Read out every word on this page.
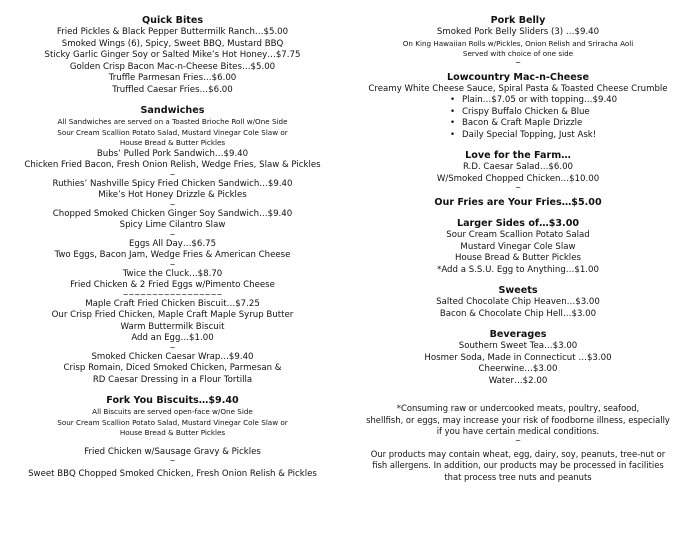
Quick Bites
Fried Pickles & Black Pepper Buttermilk Ranch…$5.00
Smoked Wings (6), Spicy, Sweet BBQ, Mustard BBQ
Sticky Garlic Ginger Soy or Salted Mike’s Hot Honey…$7.75
Golden Crisp Bacon Mac-n-Cheese Bites…$5.00
Truffle Parmesan Fries…$6.00
Truffled Caesar Fries…$6.00
Sandwiches
All Sandwiches are served on a Toasted Brioche Roll w/One Side
Sour Cream Scallion Potato Salad, Mustard Vinegar Cole Slaw or
House Bread & Butter Pickles
Bubs’ Pulled Pork Sandwich…$9.40
Chicken Fried Bacon, Fresh Onion Relish, Wedge Fries, Slaw & Pickles
~
Ruthies’ Nashville Spicy Fried Chicken Sandwich…$9.40
Mike’s Hot Honey Drizzle & Pickles
~
Chopped Smoked Chicken Ginger Soy Sandwich…$9.40
Spicy Lime Cilantro Slaw
~
Eggs All Day…$6.75
Two Eggs, Bacon Jam, Wedge Fries & American Cheese
~
Twice the Cluck…$8.70
Fried Chicken & 2 Fried Eggs w/Pimento Cheese
~~~~~~~~~~~~~~~~~
Maple Craft Fried Chicken Biscuit…$7.25
Our Crisp Fried Chicken, Maple Craft Maple Syrup Butter
Warm Buttermilk Biscuit
Add an Egg…$1.00
~
Smoked Chicken Caesar Wrap…$9.40
Crisp Romain, Diced Smoked Chicken, Parmesan &
RD Caesar Dressing in a Flour Tortilla
Fork You Biscuits…$9.40
All Biscuits are served open-face w/One Side
Sour Cream Scallion Potato Salad, Mustard Vinegar Cole Slaw or
House Bread & Butter Pickles
Fried Chicken w/Sausage Gravy & Pickles
~
Sweet BBQ Chopped Smoked Chicken, Fresh Onion Relish & Pickles
Pork Belly
Smoked Pork Belly Sliders (3) …$9.40
On King Hawaiian Rolls w/Pickles, Onion Relish and Sriracha Aoli
Served with choice of one side
~
Lowcountry Mac-n-Cheese
Creamy White Cheese Sauce, Spiral Pasta & Toasted Cheese Crumble
• Plain…$7.05 or with topping…$9.40
• Crispy Buffalo Chicken & Blue
• Bacon & Craft Maple Drizzle
• Daily Special Topping, Just Ask!
Love for the Farm…
R.D. Caesar Salad…$6.00
W/Smoked Chopped Chicken…$10.00
~
Our Fries are Your Fries…$5.00
Larger Sides of…$3.00
Sour Cream Scallion Potato Salad
Mustard Vinegar Cole Slaw
House Bread & Butter Pickles
*Add a S.S.U. Egg to Anything…$1.00
Sweets
Salted Chocolate Chip Heaven…$3.00
Bacon & Chocolate Chip Hell…$3.00
Beverages
Southern Sweet Tea…$3.00
Hosmer Soda, Made in Connecticut …$3.00
Cheerwine…$3.00
Water…$2.00
*Consuming raw or undercooked meats, poultry, seafood,
shellfish, or eggs, may increase your risk of foodborne illness, especially
if you have certain medical conditions.
~
Our products may contain wheat, egg, dairy, soy, peanuts, tree-nut or
fish allergens. In addition, our products may be processed in facilities
that process tree nuts and peanuts
